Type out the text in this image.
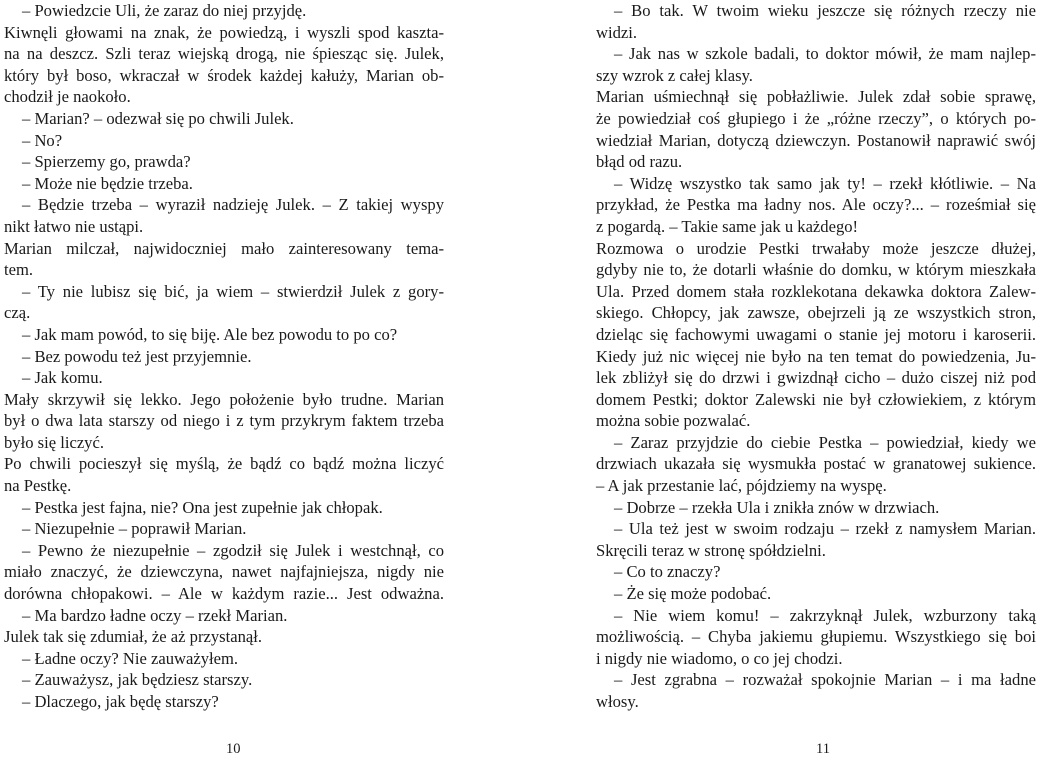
– Powiedzcie Uli, że zaraz do niej przyjdę.
Kiwnęli głowami na znak, że powiedzą, i wyszli spod kaszta-
na na deszcz. Szli teraz wiejską drogą, nie śpiesząc się. Julek,
który był boso, wkraczał w środek każdej kałuży, Marian ob-
chodził je naokoło.
– Marian? – odezwał się po chwili Julek.
– No?
– Spierzemy go, prawda?
– Może nie będzie trzeba.
– Będzie trzeba – wyraził nadzieję Julek. – Z takiej wyspy
nikt łatwo nie ustąpi.
Marian milczał, najwidoczniej mało zainteresowany tema-
tem.
– Ty nie lubisz się bić, ja wiem – stwierdził Julek z gory-
czą.
– Jak mam powód, to się biję. Ale bez powodu to po co?
– Bez powodu też jest przyjemnie.
– Jak komu.
Mały skrzywił się lekko. Jego położenie było trudne. Marian
był o dwa lata starszy od niego i z tym przykrym faktem trzeba
było się liczyć.
Po chwili pocieszył się myślą, że bądź co bądź można liczyć
na Pestkę.
– Pestka jest fajna, nie? Ona jest zupełnie jak chłopak.
– Niezupełnie – poprawił Marian.
– Pewno że niezupełnie – zgodził się Julek i westchnął, co
miało znaczyć, że dziewczyna, nawet najfajniejsza, nigdy nie
dorówna chłopakowi. – Ale w każdym razie... Jest odważna.
– Ma bardzo ładne oczy – rzekł Marian.
Julek tak się zdumiał, że aż przystanął.
– Ładne oczy? Nie zauważyłem.
– Zauważysz, jak będziesz starszy.
– Dlaczego, jak będę starszy?
10
– Bo tak. W twoim wieku jeszcze się różnych rzeczy nie
widzi.
– Jak nas w szkole badali, to doktor mówił, że mam najlep-
szy wzrok z całej klasy.
Marian uśmiechnął się pobłażliwie. Julek zdał sobie sprawę,
że powiedział coś głupiego i że „różne rzeczy”, o których po-
wiedział Marian, dotyczą dziewczyn. Postanowił naprawić swój
błąd od razu.
– Widzę wszystko tak samo jak ty! – rzekł kłótliwie. – Na
przykład, że Pestka ma ładny nos. Ale oczy?... – roześmiał się
z pogardą. – Takie same jak u każdego!
Rozmowa o urodzie Pestki trwałaby może jeszcze dłużej,
gdyby nie to, że dotarli właśnie do domku, w którym mieszkała
Ula. Przed domem stała rozklekotana dekawka doktora Zalew-
skiego. Chłopcy, jak zawsze, obejrzeli ją ze wszystkich stron,
dzieląc się fachowymi uwagami o stanie jej motoru i karoserii.
Kiedy już nic więcej nie było na ten temat do powiedzenia, Ju-
lek zbliżył się do drzwi i gwizdnął cicho – dużo ciszej niż pod
domem Pestki; doktor Zalewski nie był człowiekiem, z którym
można sobie pozwalać.
– Zaraz przyjdzie do ciebie Pestka – powiedział, kiedy we
drzwiach ukazała się wysmukła postać w granatowej sukience.
– A jak przestanie lać, pójdziemy na wyspę.
– Dobrze – rzekła Ula i znikła znów w drzwiach.
– Ula też jest w swoim rodzaju – rzekł z namysłem Marian.
Skręcili teraz w stronę spółdzielni.
– Co to znaczy?
– Że się może podobać.
– Nie wiem komu! – zakrzyknął Julek, wzburzony taką
możliwością. – Chyba jakiemu głupiemu. Wszystkiego się boi
i nigdy nie wiadomo, o co jej chodzi.
– Jest zgrabna – rozważał spokojnie Marian – i ma ładne
włosy.
11
